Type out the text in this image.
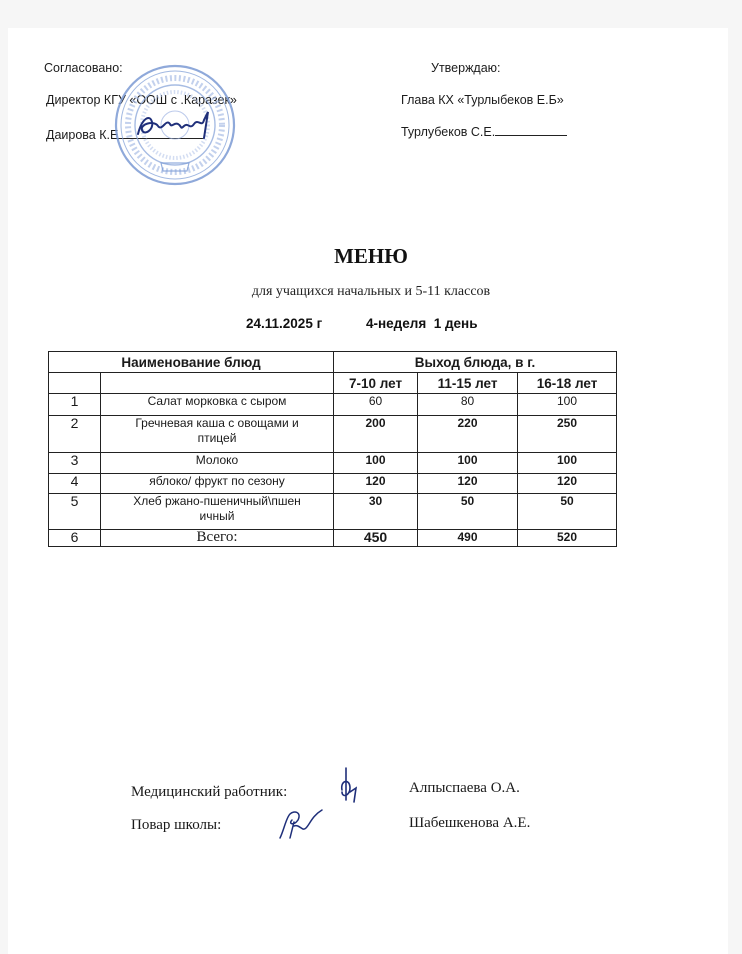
Согласовано:
Директор КГУ «ООШ с .Каразек»
Даирова К.Е
Утверждаю:
Глава КХ «Турлыбеков Е.Б»
Турлубеков С.Е.
МЕНЮ
для учащихся начальных и 5-11 классов
24.11.2025 г	4-неделя  1 день
Наименование блюд		Выход блюда, в г.		
		7-10 лет	11-15 лет	16-18 лет
1	Салат морковка с сыром	60	80	100
2	Гречневая каша с овощами и птицей	200	220	250
3	Молоко	100	100	100
4	яблоко/ фрукт по сезону	120	120	120
5	Хлеб ржано-пшеничный\пшеничный	30	50	50
6	Всего:	450	490	520
Медицинский работник:	Алпыспаева О.А.
Повар школы:	Шабешкенова А.Е.
